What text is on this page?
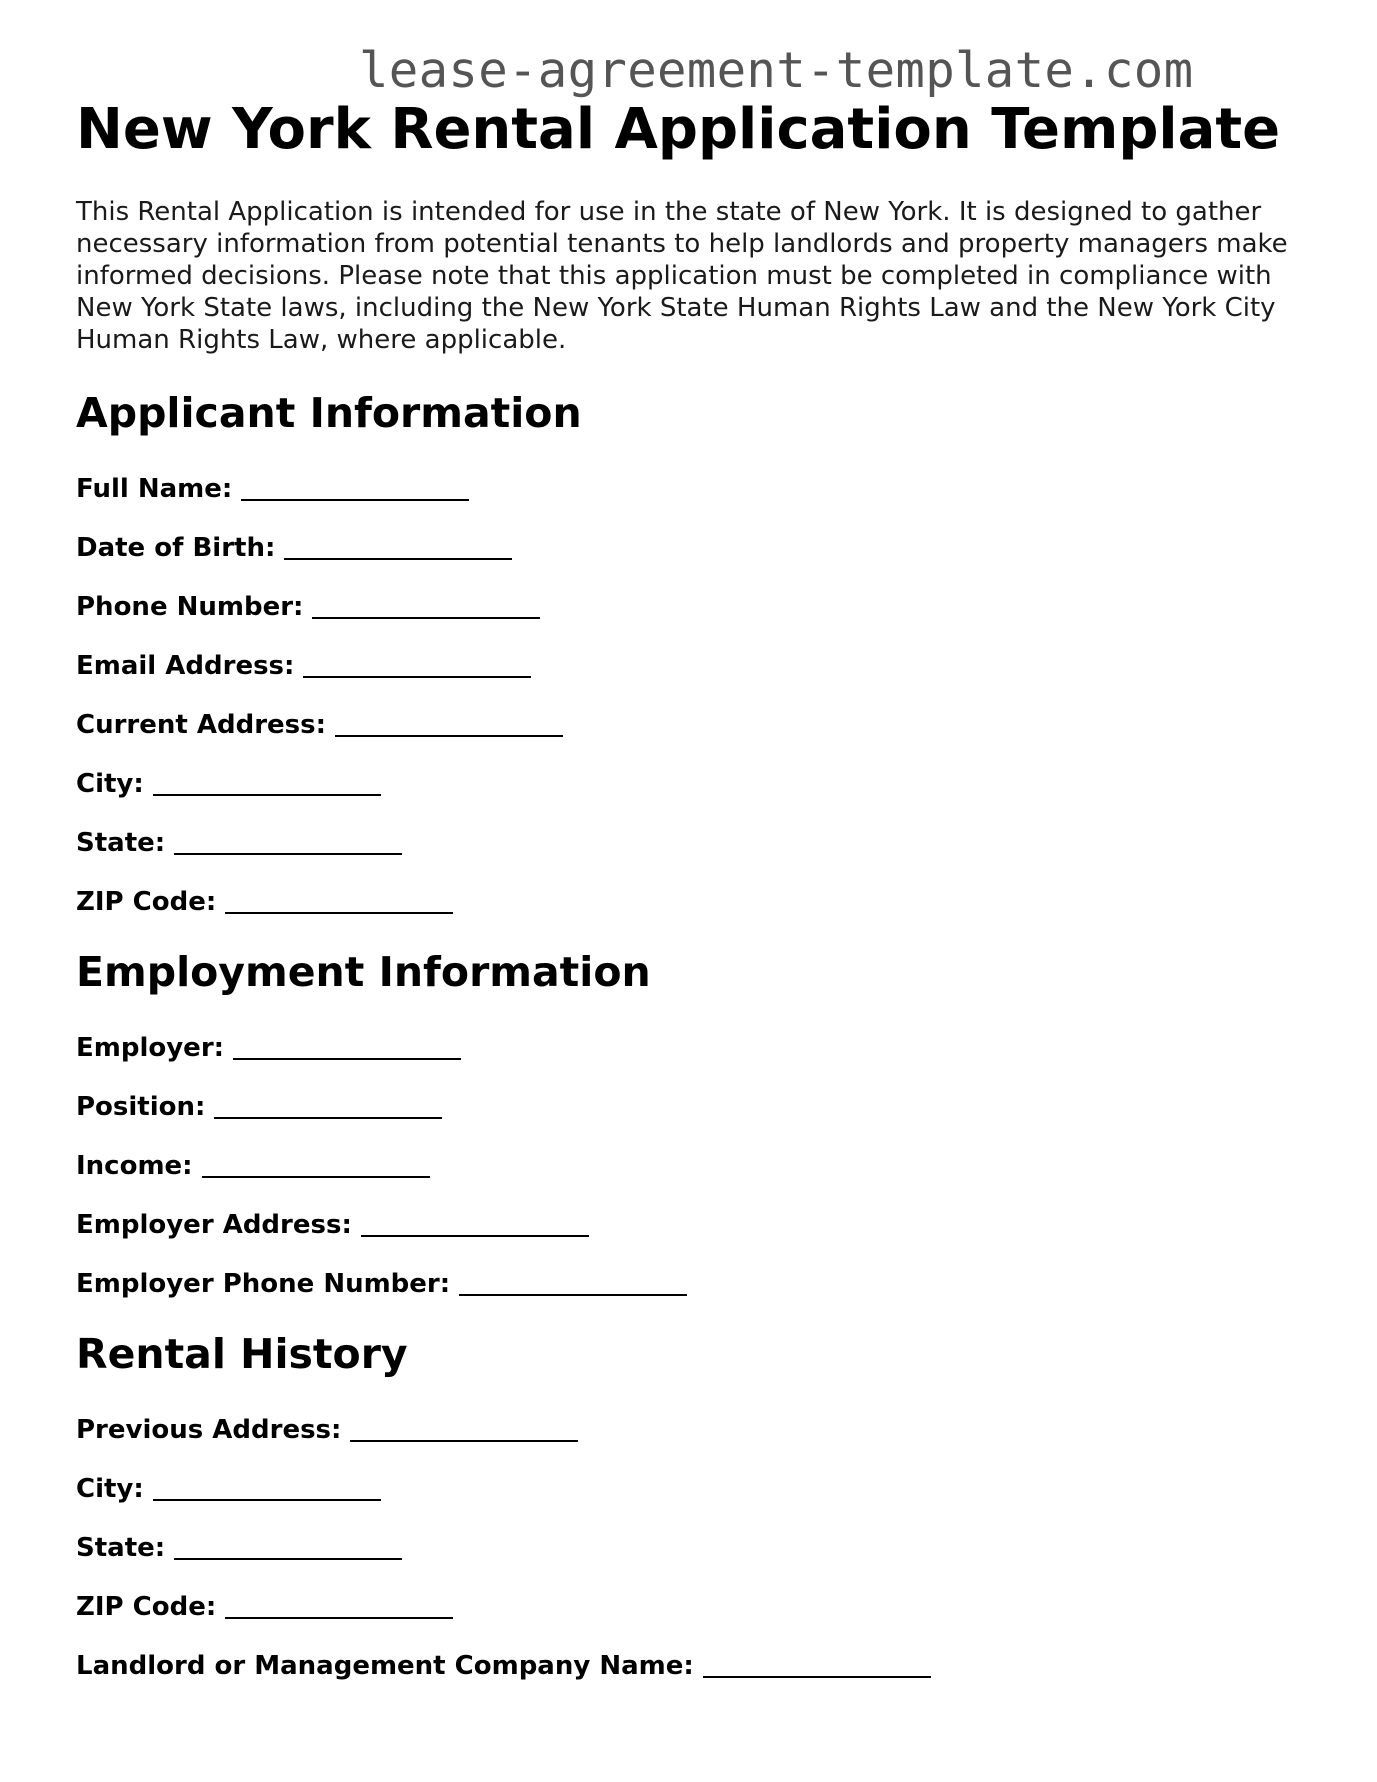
lease-agreement-template.com
New York Rental Application Template

This Rental Application is intended for use in the state of New York. It is designed to gather necessary information from potential tenants to help landlords and property managers make informed decisions. Please note that this application must be completed in compliance with New York State laws, including the New York State Human Rights Law and the New York City Human Rights Law, where applicable.

Applicant Information
Full Name:
Date of Birth:
Phone Number:
Email Address:
Current Address:
City:
State:
ZIP Code:
Employment Information
Employer:
Position:
Income:
Employer Address:
Employer Phone Number:
Rental History
Previous Address:
City:
State:
ZIP Code:
Landlord or Management Company Name:
